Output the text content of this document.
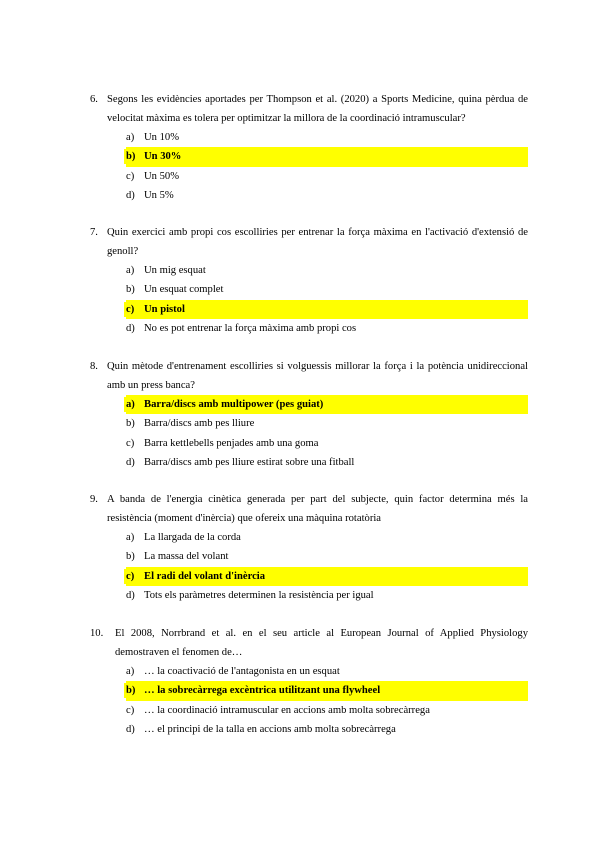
6. Segons les evidències aportades per Thompson et al. (2020) a Sports Medicine, quina pèrdua de velocitat màxima es tolera per optimitzar la millora de la coordinació intramuscular?
a) Un 10%
b) Un 30%
c) Un 50%
d) Un 5%
7. Quin exercici amb propi cos escolliries per entrenar la força màxima en l'activació d'extensió de genoll?
a) Un mig esquat
b) Un esquat complet
c) Un pistol
d) No es pot entrenar la força màxima amb propi cos
8. Quin mètode d'entrenament escolliries si volguessis millorar la força i la potència unidireccional amb un press banca?
a) Barra/discs amb multipower (pes guiat)
b) Barra/discs amb pes lliure
c) Barra kettlebells penjades amb una goma
d) Barra/discs amb pes lliure estirat sobre una fitball
9. A banda de l'energia cinètica generada per part del subjecte, quin factor determina més la resistència (moment d'inèrcia) que ofereix una màquina rotatòria
a) La llargada de la corda
b) La massa del volant
c) El radi del volant d'inèrcia
d) Tots els paràmetres determinen la resistència per igual
10. El 2008, Norrbrand et al. en el seu article al European Journal of Applied Physiology demostraven el fenomen de…
a) … la coactivació de l'antagonista en un esquat
b) … la sobrecàrrega excèntrica utilitzant una flywheel
c) … la coordinació intramuscular en accions amb molta sobrecàrrega
d) … el principi de la talla en accions amb molta sobrecàrrega
